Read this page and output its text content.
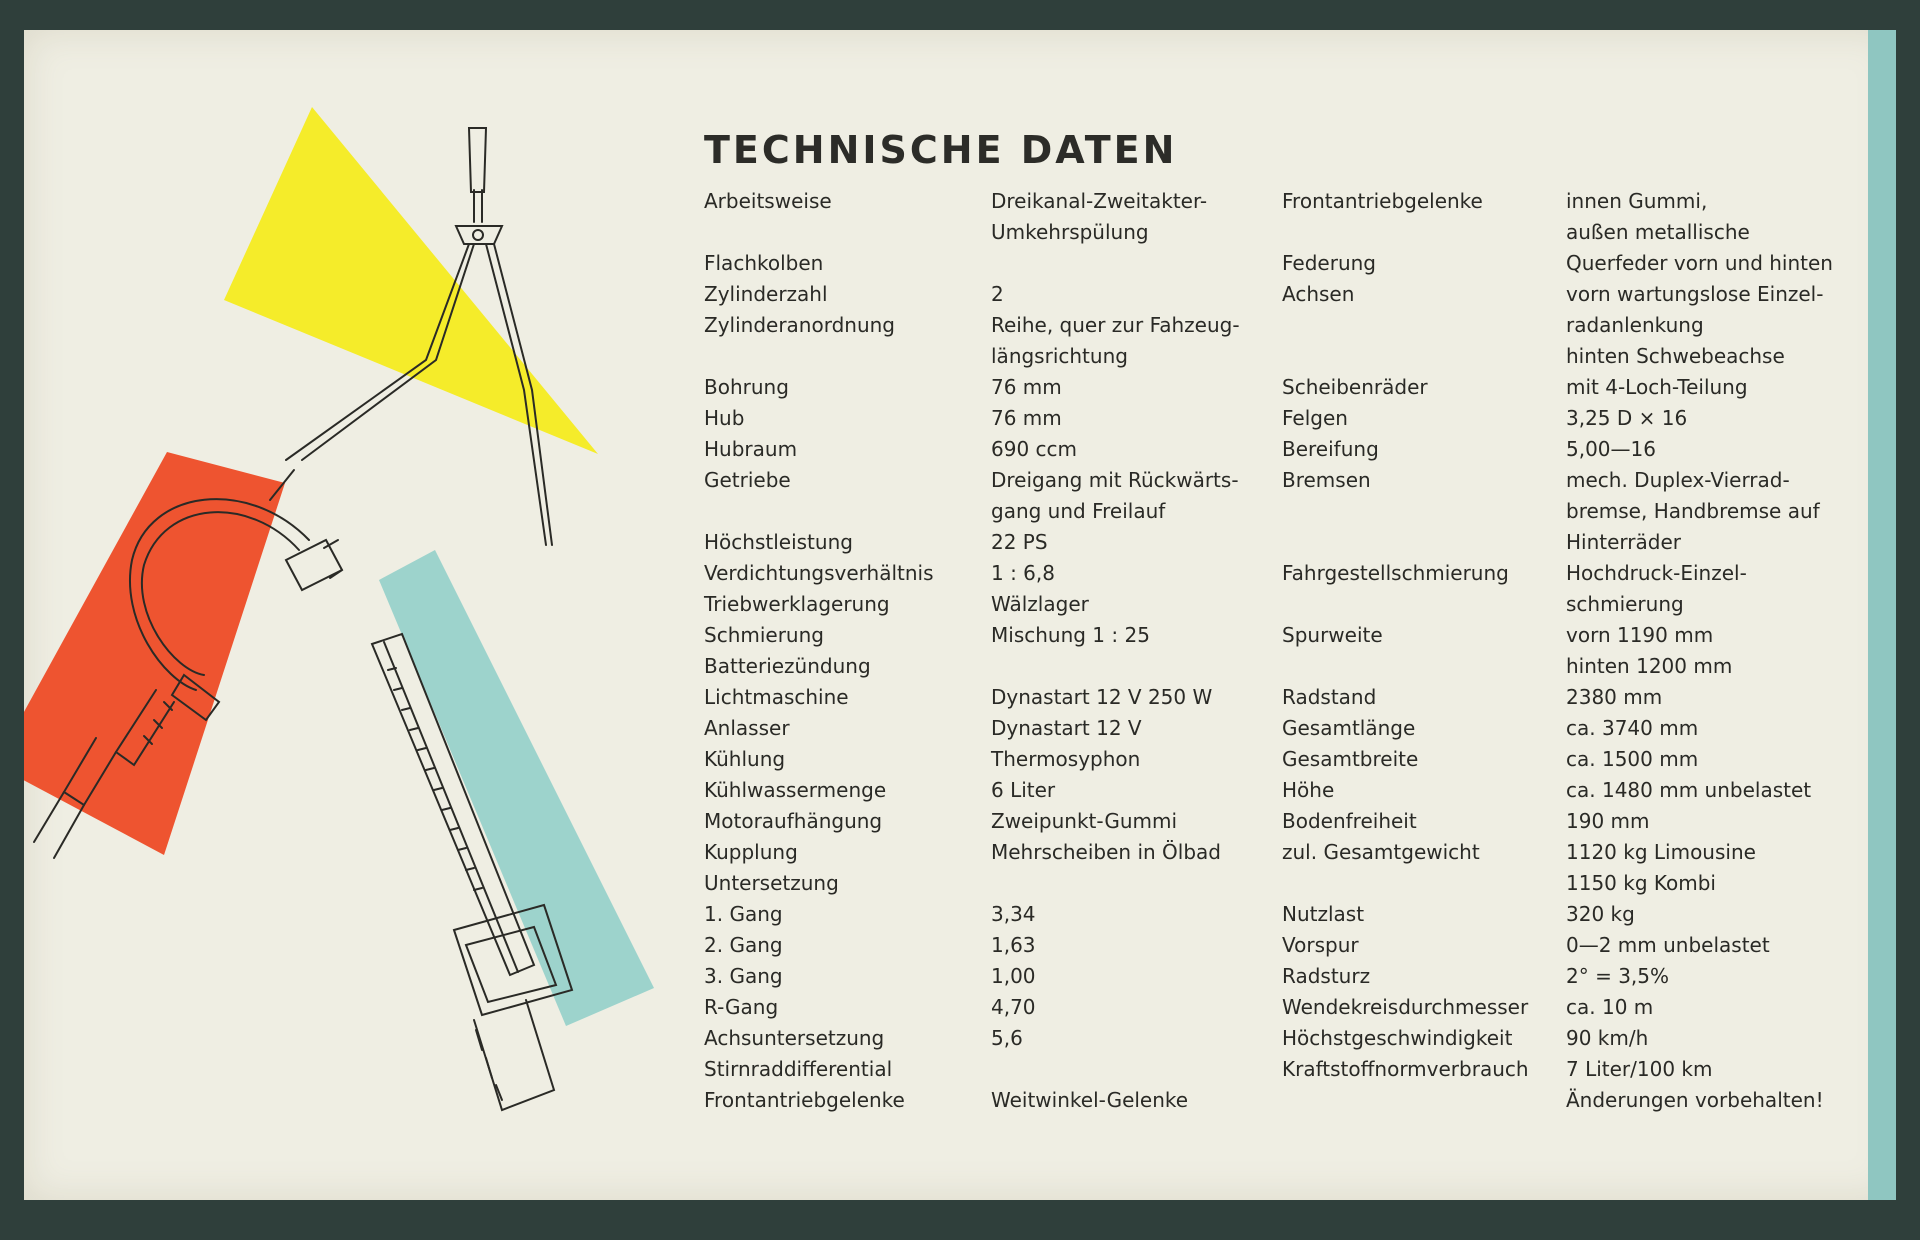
TECHNISCHE DATEN
Arbeitsweise
Flachkolben
Zylinderzahl
Zylinderanordnung
Bohrung
Hub
Hubraum
Getriebe
Höchstleistung
Verdichtungsverhältnis
Triebwerklagerung
Schmierung
Batteriezündung
Lichtmaschine
Anlasser
Kühlung
Kühlwassermenge
Motoraufhängung
Kupplung
Untersetzung
1. Gang
2. Gang
3. Gang
R-Gang
Achsuntersetzung
Stirnraddifferential
Frontantriebgelenke
Dreikanal-Zweitakter-
Umkehrspülung
2
Reihe, quer zur Fahzeug-
längsrichtung
76 mm
76 mm
690 ccm
Dreigang mit Rückwärts-
gang und Freilauf
22 PS
1 : 6,8
Wälzlager
Mischung 1 : 25
Dynastart 12 V 250 W
Dynastart 12 V
Thermosyphon
6 Liter
Zweipunkt-Gummi
Mehrscheiben in Ölbad
3,34
1,63
1,00
4,70
5,6
Weitwinkel-Gelenke
Frontantriebgelenke
Federung
Achsen
Scheibenräder
Felgen
Bereifung
Bremsen
Fahrgestellschmierung
Spurweite
Radstand
Gesamtlänge
Gesamtbreite
Höhe
Bodenfreiheit
zul. Gesamtgewicht
Nutzlast
Vorspur
Radsturz
Wendekreisdurchmesser
Höchstgeschwindigkeit
Kraftstoffnormverbrauch
innen Gummi,
außen metallische
Querfeder vorn und hinten
vorn wartungslose Einzel-
radanlenkung
hinten Schwebeachse
mit 4-Loch-Teilung
3,25 D × 16
5,00—16
mech. Duplex-Vierrad-
bremse, Handbremse auf
Hinterräder
Hochdruck-Einzel-
schmierung
vorn 1190 mm
hinten 1200 mm
2380 mm
ca. 3740 mm
ca. 1500 mm
ca. 1480 mm unbelastet
190 mm
1120 kg Limousine
1150 kg Kombi
320 kg
0—2 mm unbelastet
2° = 3,5%
ca. 10 m
90 km/h
7 Liter/100 km
Änderungen vorbehalten!
